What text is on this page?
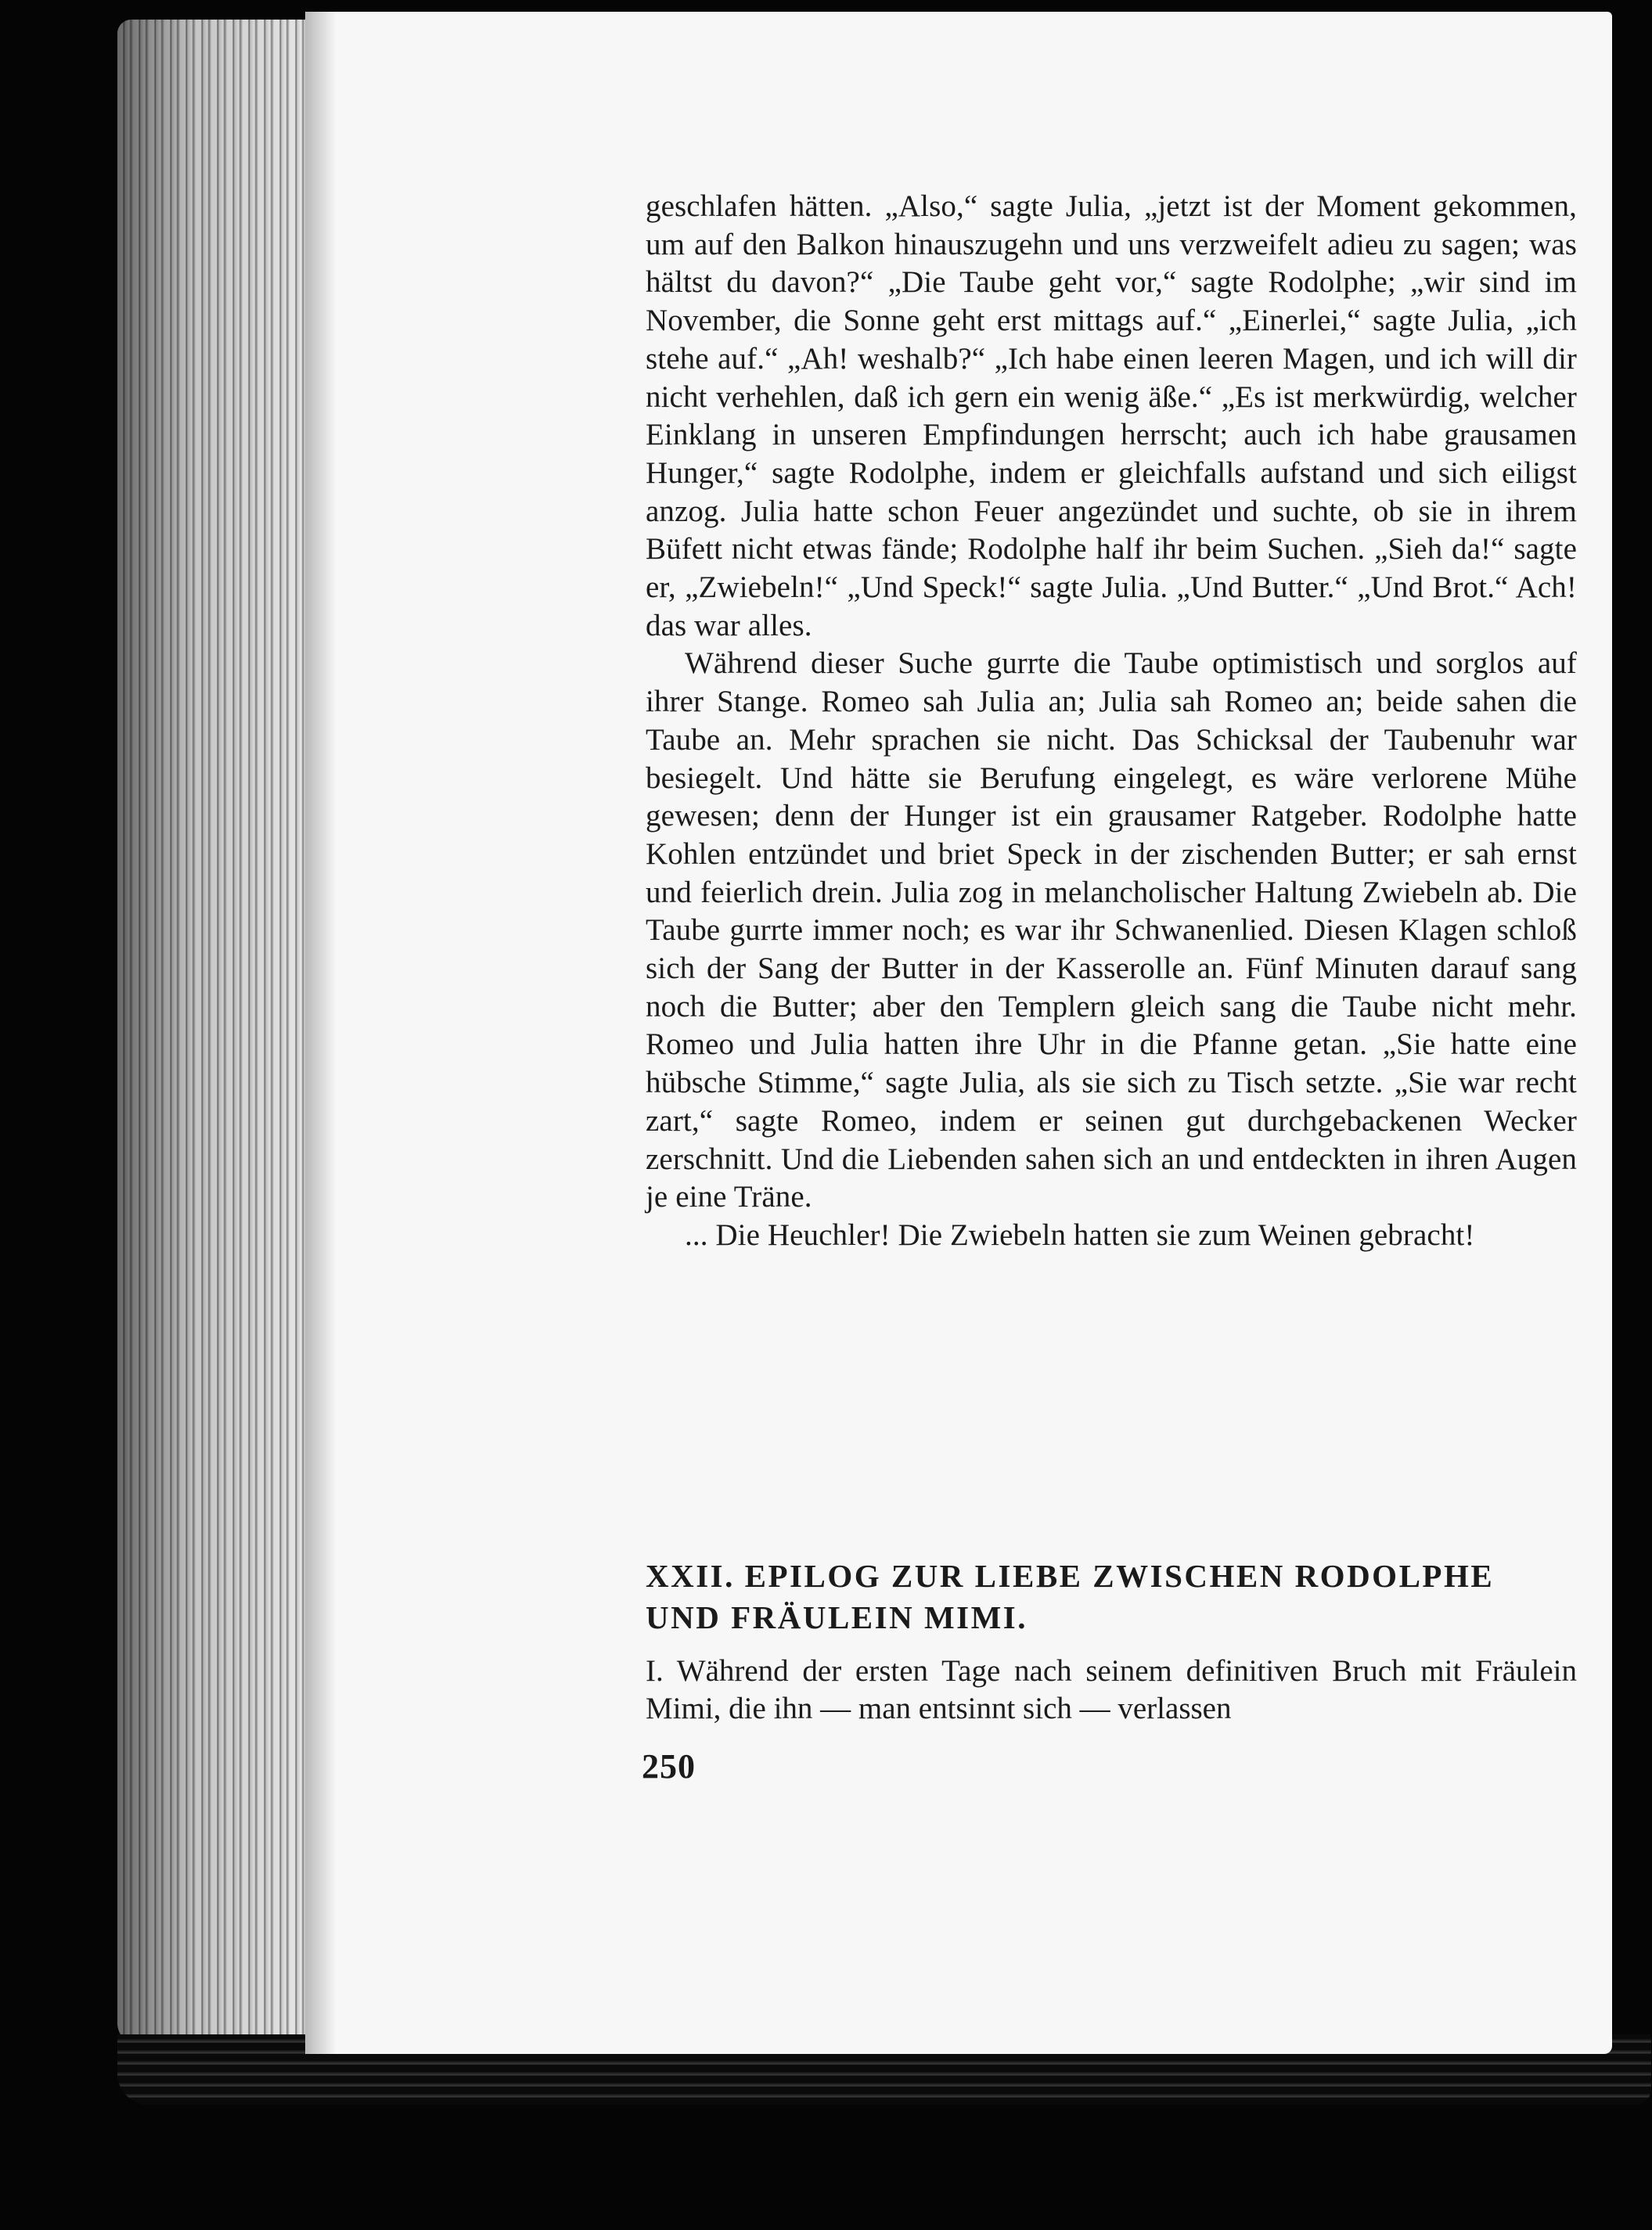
geschlafen hätten. „Also,“ sagte Julia, „jetzt ist der Moment gekommen, um auf den Balkon hinauszugehn und uns verzweifelt adieu zu sagen; was hältst du davon?“ „Die Taube geht vor,“ sagte Rodolphe; „wir sind im November, die Sonne geht erst mittags auf.“ „Einerlei,“ sagte Julia, „ich stehe auf.“ „Ah! weshalb?“ „Ich habe einen leeren Magen, und ich will dir nicht verhehlen, daß ich gern ein wenig äße.“ „Es ist merkwürdig, welcher Einklang in unseren Empfindungen herrscht; auch ich habe grausamen Hunger,“ sagte Rodolphe, indem er gleichfalls aufstand und sich eiligst anzog. Julia hatte schon Feuer angezündet und suchte, ob sie in ihrem Büfett nicht etwas fände; Rodolphe half ihr beim Suchen. „Sieh da!“ sagte er, „Zwiebeln!“ „Und Speck!“ sagte Julia. „Und Butter.“ „Und Brot.“ Ach! das war alles.

Während dieser Suche gurrte die Taube optimistisch und sorglos auf ihrer Stange. Romeo sah Julia an; Julia sah Romeo an; beide sahen die Taube an. Mehr sprachen sie nicht. Das Schicksal der Taubenuhr war besiegelt. Und hätte sie Berufung eingelegt, es wäre verlorene Mühe gewesen; denn der Hunger ist ein grausamer Ratgeber. Rodolphe hatte Kohlen entzündet und briet Speck in der zischenden Butter; er sah ernst und feierlich drein. Julia zog in melancholischer Haltung Zwiebeln ab. Die Taube gurrte immer noch; es war ihr Schwanenlied. Diesen Klagen schloß sich der Sang der Butter in der Kasserolle an. Fünf Minuten darauf sang noch die Butter; aber den Templern gleich sang die Taube nicht mehr. Romeo und Julia hatten ihre Uhr in die Pfanne getan. „Sie hatte eine hübsche Stimme,“ sagte Julia, als sie sich zu Tisch setzte. „Sie war recht zart,“ sagte Romeo, indem er seinen gut durchgebackenen Wecker zerschnitt. Und die Liebenden sahen sich an und entdeckten in ihren Augen je eine Träne.

... Die Heuchler! Die Zwiebeln hatten sie zum Weinen gebracht!

XXII. EPILOG ZUR LIEBE ZWISCHEN RODOLPHE UND FRÄULEIN MIMI.

I. Während der ersten Tage nach seinem definitiven Bruch mit Fräulein Mimi, die ihn — man entsinnt sich — verlassen

250
